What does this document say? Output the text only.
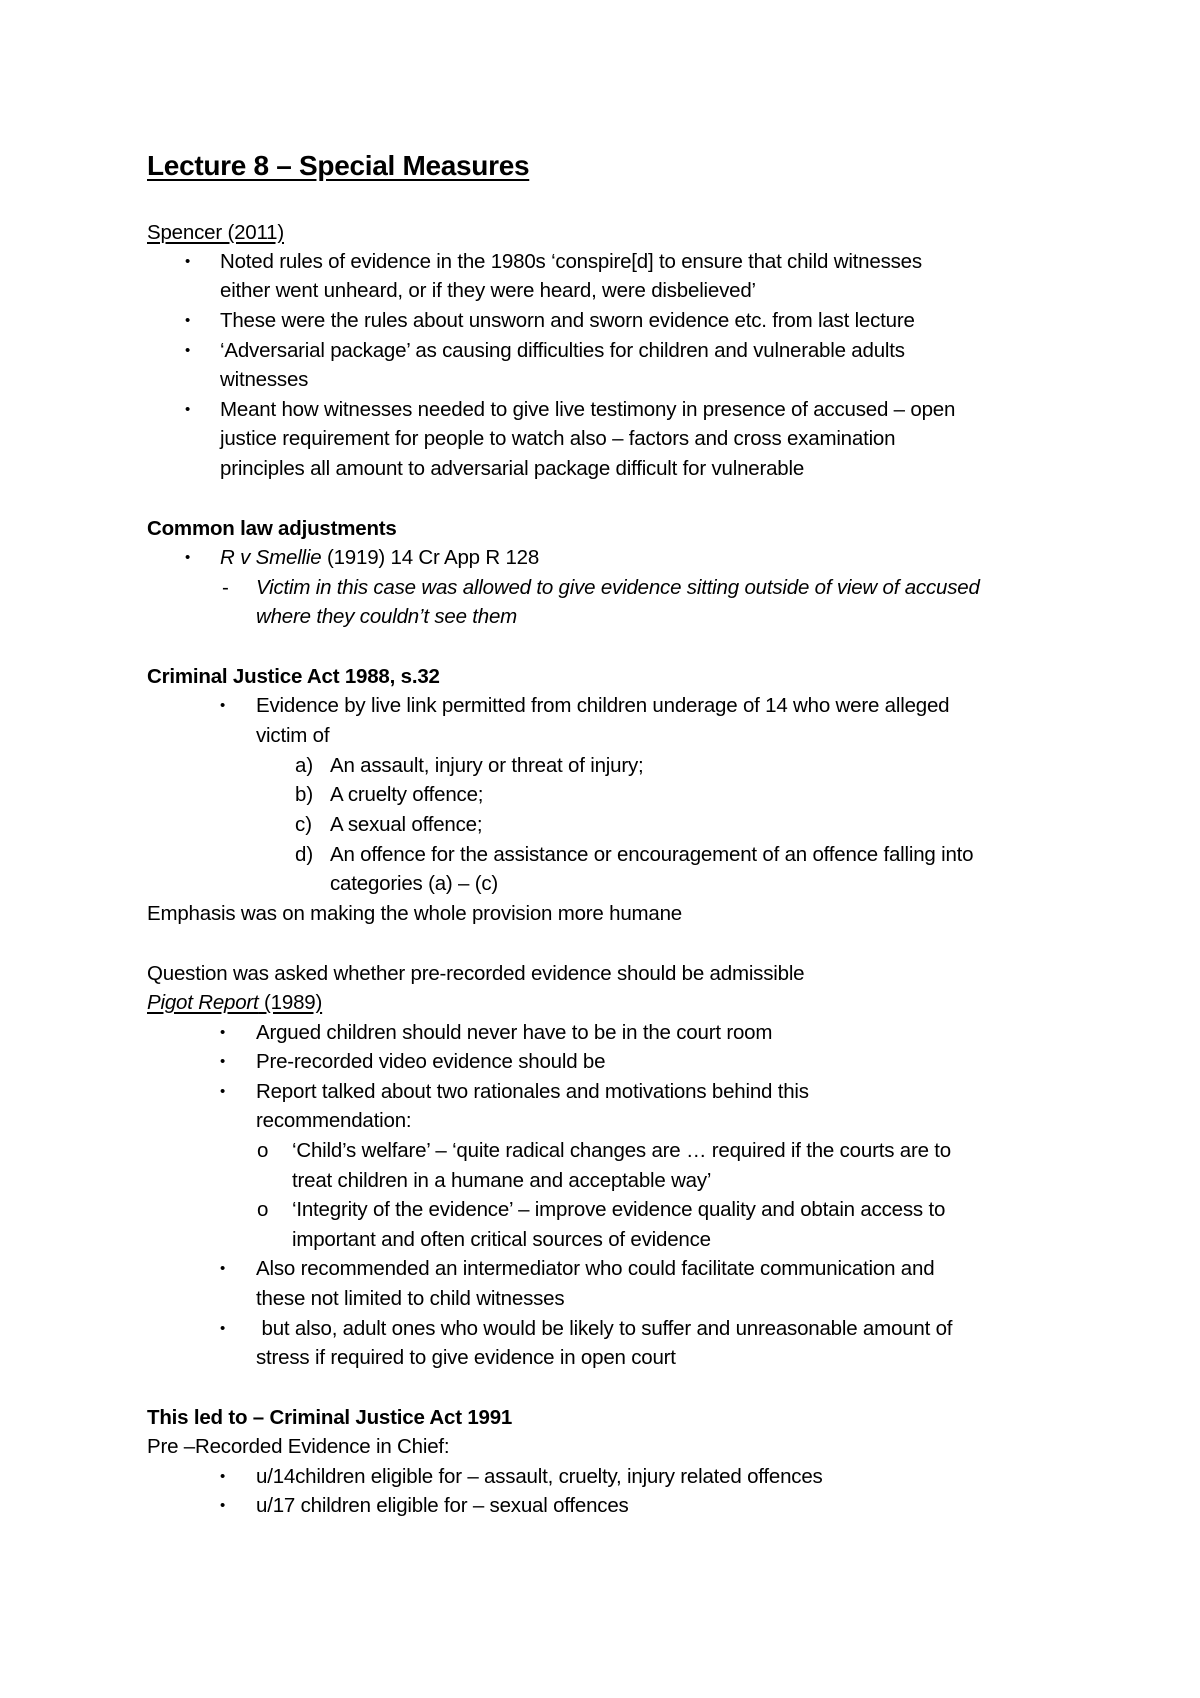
Lecture 8 – Special Measures
Spencer (2011)
• Noted rules of evidence in the 1980s ‘conspire[d] to ensure that child witnesses
either went unheard, or if they were heard, were disbelieved’
• These were the rules about unsworn and sworn evidence etc. from last lecture
• ‘Adversarial package’ as causing difficulties for children and vulnerable adults
witnesses
• Meant how witnesses needed to give live testimony in presence of accused – open
justice requirement for people to watch also – factors and cross examination
principles all amount to adversarial package difficult for vulnerable
Common law adjustments
• R v Smellie (1919) 14 Cr App R 128
- Victim in this case was allowed to give evidence sitting outside of view of accused
where they couldn’t see them
Criminal Justice Act 1988, s.32
• Evidence by live link permitted from children underage of 14 who were alleged
victim of
a) An assault, injury or threat of injury;
b) A cruelty offence;
c) A sexual offence;
d) An offence for the assistance or encouragement of an offence falling into
categories (a) – (c)
Emphasis was on making the whole provision more humane
Question was asked whether pre-recorded evidence should be admissible
Pigot Report (1989)
• Argued children should never have to be in the court room
• Pre-recorded video evidence should be
• Report talked about two rationales and motivations behind this
recommendation:
o ‘Child’s welfare’ – ‘quite radical changes are … required if the courts are to
treat children in a humane and acceptable way’
o ‘Integrity of the evidence’ – improve evidence quality and obtain access to
important and often critical sources of evidence
• Also recommended an intermediator who could facilitate communication and
these not limited to child witnesses
• but also, adult ones who would be likely to suffer and unreasonable amount of
stress if required to give evidence in open court
This led to – Criminal Justice Act 1991
Pre –Recorded Evidence in Chief:
• u/14children eligible for – assault, cruelty, injury related offences
• u/17 children eligible for – sexual offences
